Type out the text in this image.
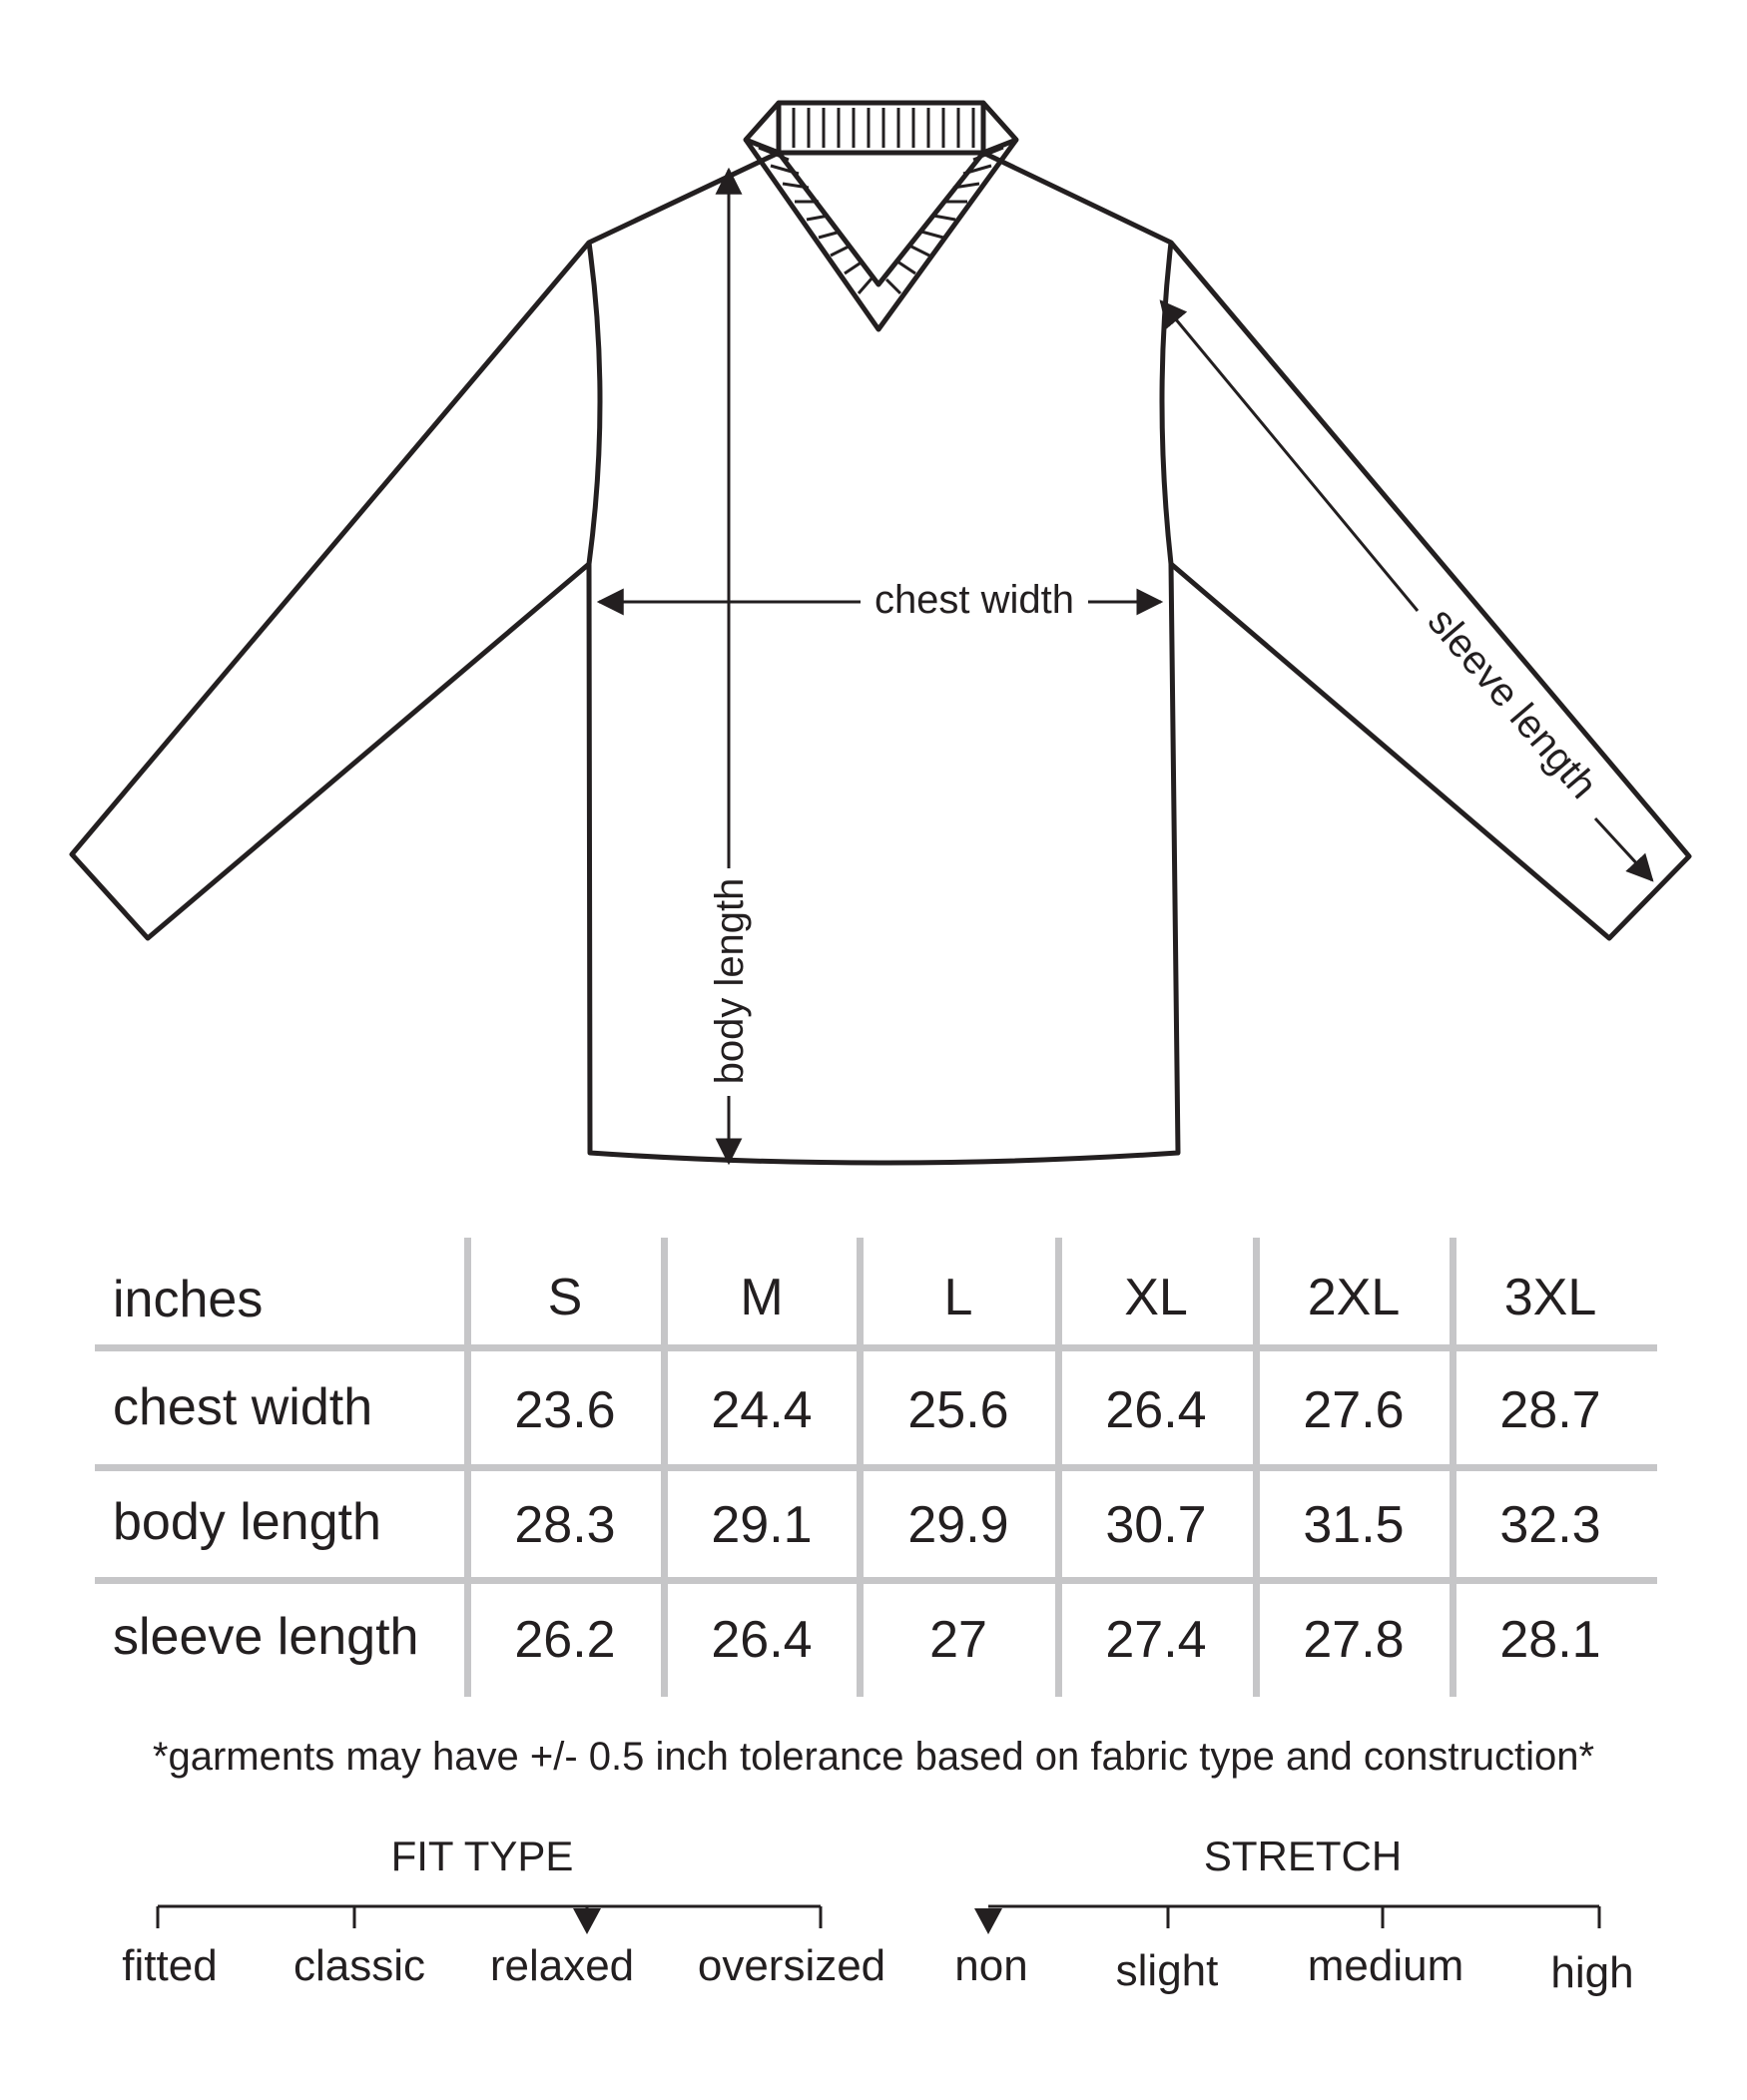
chest width
body length
sleeve length
inches	S	M	L	XL	2XL	3XL
chest width	23.6	24.4	25.6	26.4	27.6	28.7
body length	28.3	29.1	29.9	30.7	31.5	32.3
sleeve length	26.2	26.4	27	27.4	27.8	28.1
*garments may have +/- 0.5 inch tolerance based on fabric type and construction*
FIT TYPE
fitted	classic	relaxed	oversized
STRETCH
non	slight	medium	high
